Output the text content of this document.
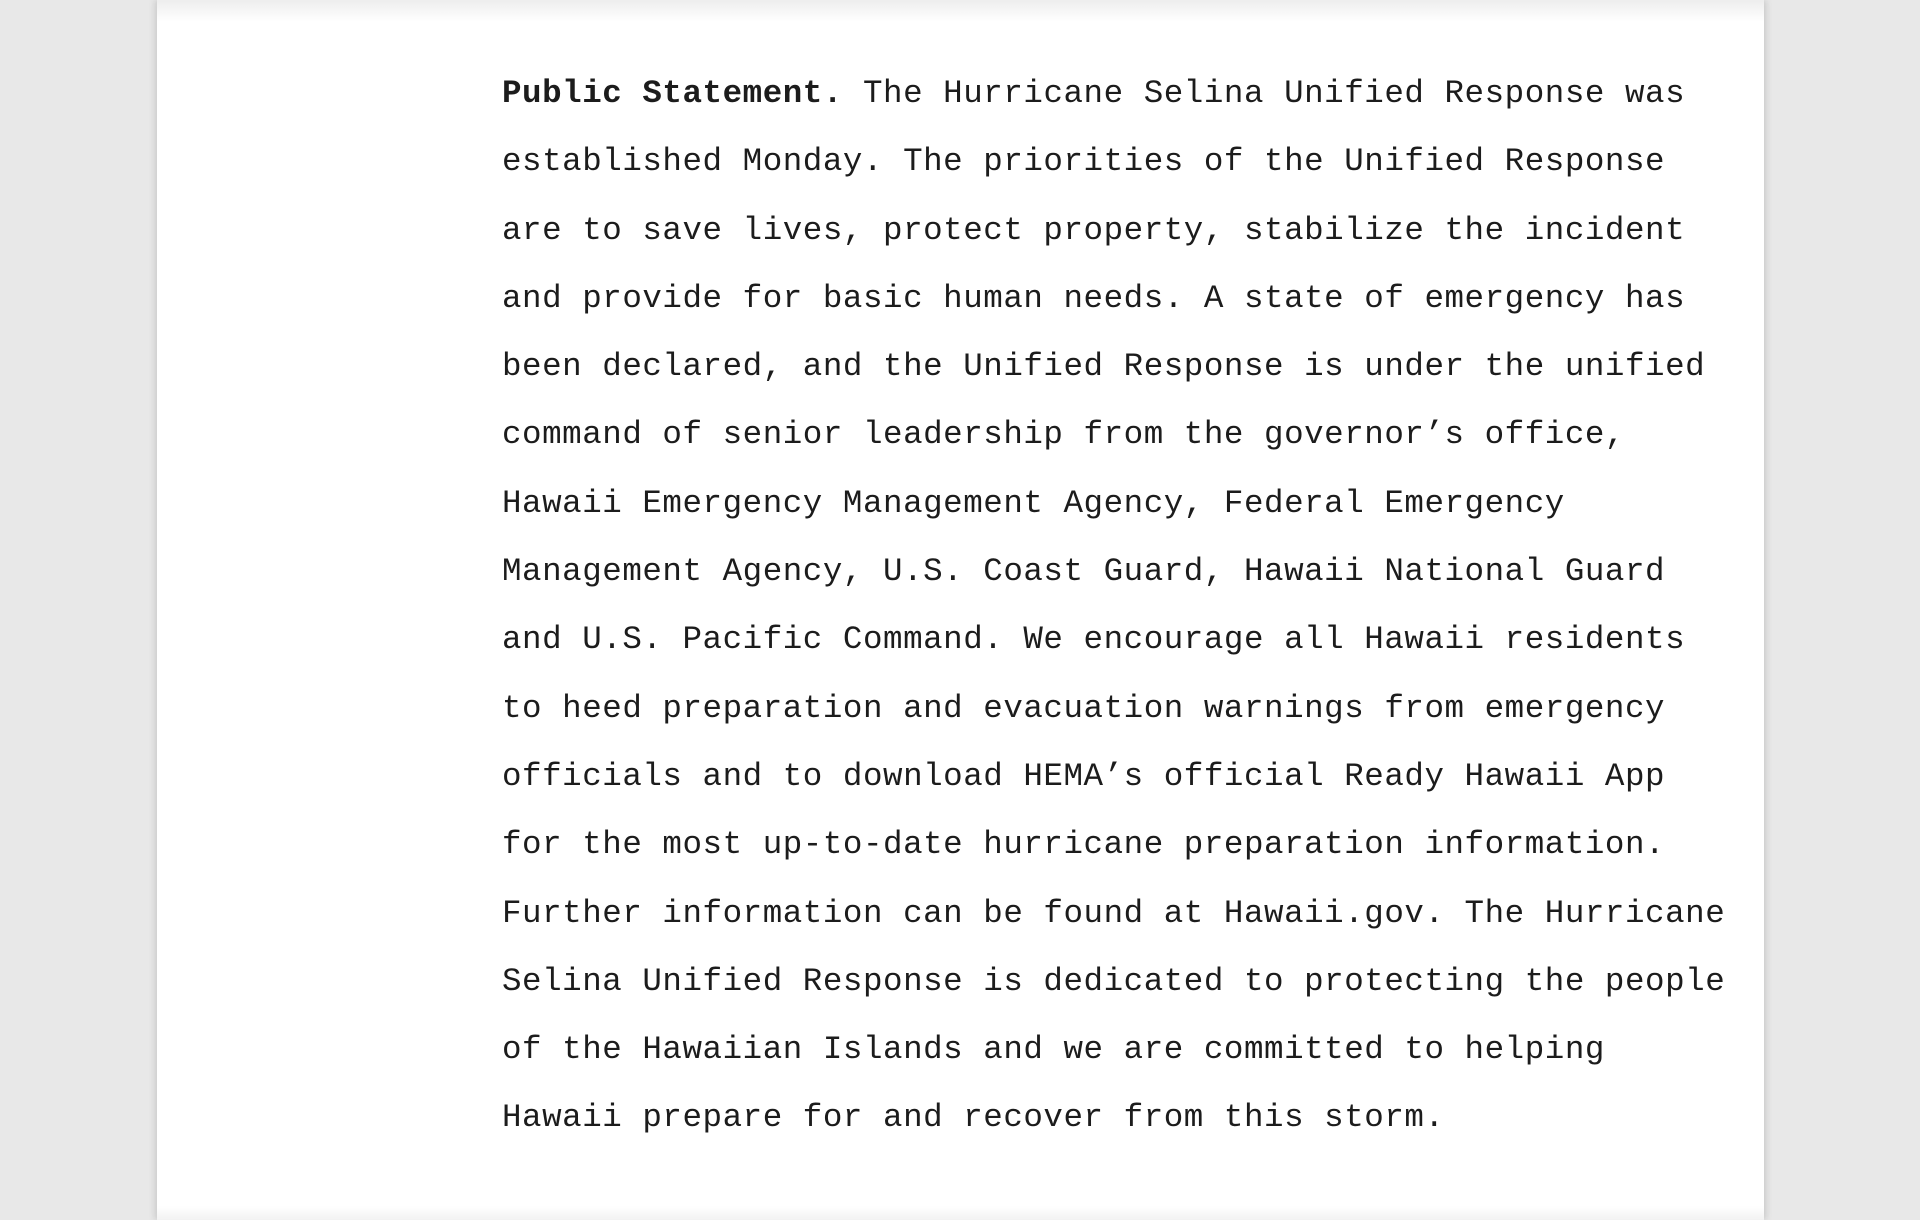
Public Statement. The Hurricane Selina Unified Response was
established Monday. The priorities of the Unified Response
are to save lives, protect property, stabilize the incident
and provide for basic human needs. A state of emergency has
been declared, and the Unified Response is under the unified
command of senior leadership from the governor’s office,
Hawaii Emergency Management Agency, Federal Emergency
Management Agency, U.S. Coast Guard, Hawaii National Guard
and U.S. Pacific Command. We encourage all Hawaii residents
to heed preparation and evacuation warnings from emergency
officials and to download HEMA’s official Ready Hawaii App
for the most up-to-date hurricane preparation information.
Further information can be found at Hawaii.gov. The Hurricane
Selina Unified Response is dedicated to protecting the people
of the Hawaiian Islands and we are committed to helping
Hawaii prepare for and recover from this storm.
